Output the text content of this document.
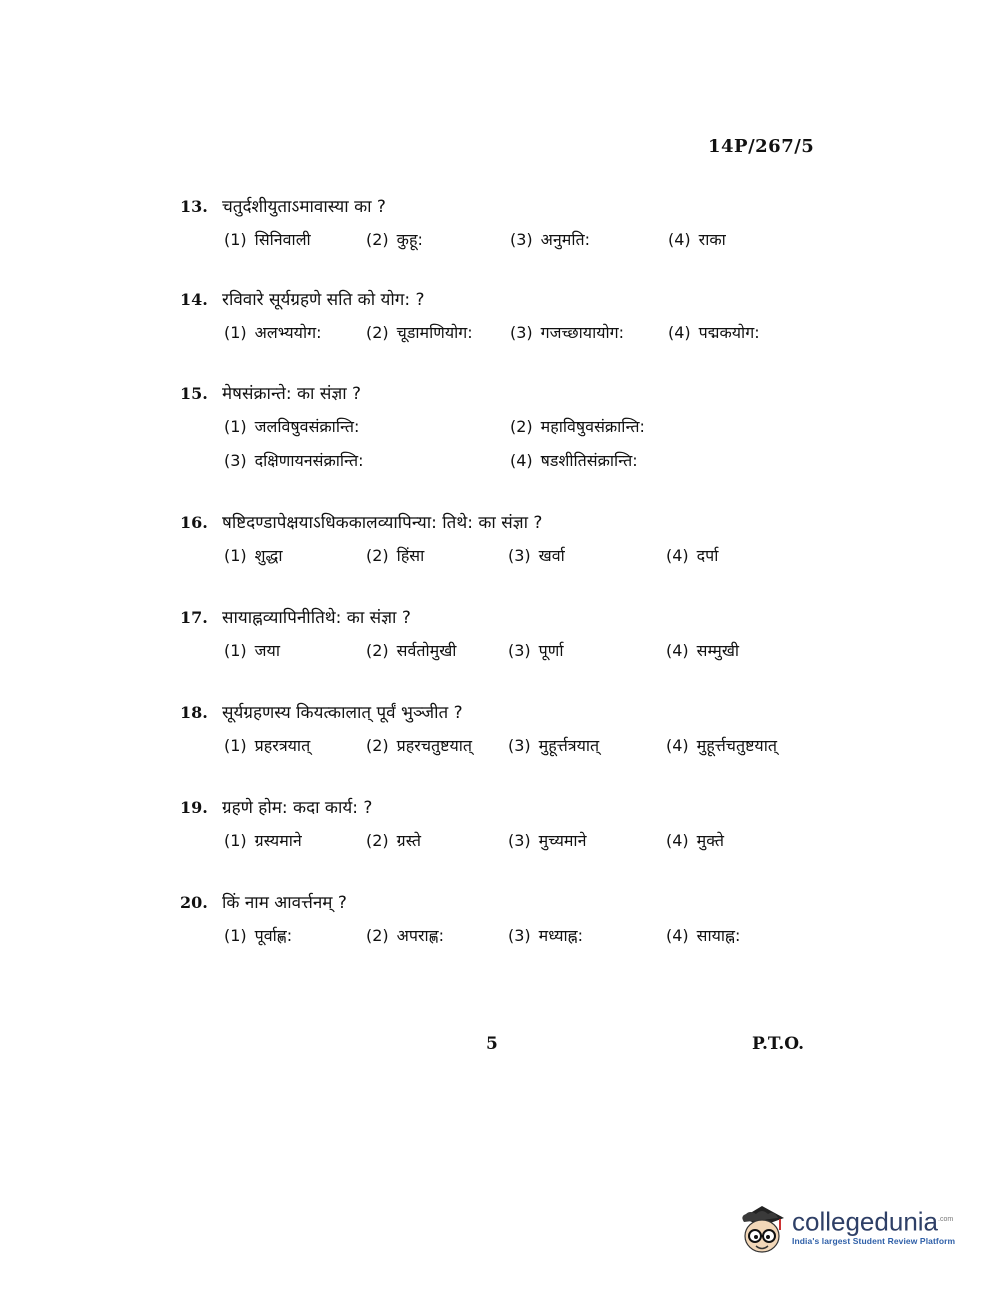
14P/267/5
13. चतुर्दशीयुताऽमावास्या का ?
(1) सिनिवाली	(2) कुहू:	(3) अनुमति:	(4) राका
14. रविवारे सूर्यग्रहणे सति को योग: ?
(1) अलभ्ययोग:	(2) चूडामणियोग: (3) गजच्छायायोग:	(4) पद्मकयोग:
15. मेषसंक्रान्ते: का संज्ञा ?
(1) जलविषुवसंक्रान्ति:	(2) महाविषुवसंक्रान्ति:
(3) दक्षिणायनसंक्रान्ति:	(4) षडशीतिसंक्रान्ति:
16. षष्टिदण्डापेक्षयाऽधिककालव्यापिन्या: तिथे: का संज्ञा ?
(1) शुद्धा	(2) हिंसा	(3) खर्वा	(4) दर्पा
17. सायाह्नव्यापिनीतिथे: का संज्ञा ?
(1) जया	(2) सर्वतोमुखी	(3) पूर्णा	(4) सम्मुखी
18. सूर्यग्रहणस्य कियत्कालात् पूर्वं भुञ्जीत ?
(1) प्रहरत्रयात्	(2) प्रहरचतुष्टयात् (3) मुहूर्त्तत्रयात्	(4) मुहूर्त्तचतुष्टयात्
19. ग्रहणे होम: कदा कार्य: ?
(1) ग्रस्यमाने	(2) ग्रस्ते	(3) मुच्यमाने	(4) मुक्ते
20. किं नाम आवर्त्तनम् ?
(1) पूर्वाह्ण:	(2) अपराह्ण:	(3) मध्याह्न:	(4) सायाह्न:
5	P.T.O.
collegedunia$^{.com}$
India's largest Student Review Platform
